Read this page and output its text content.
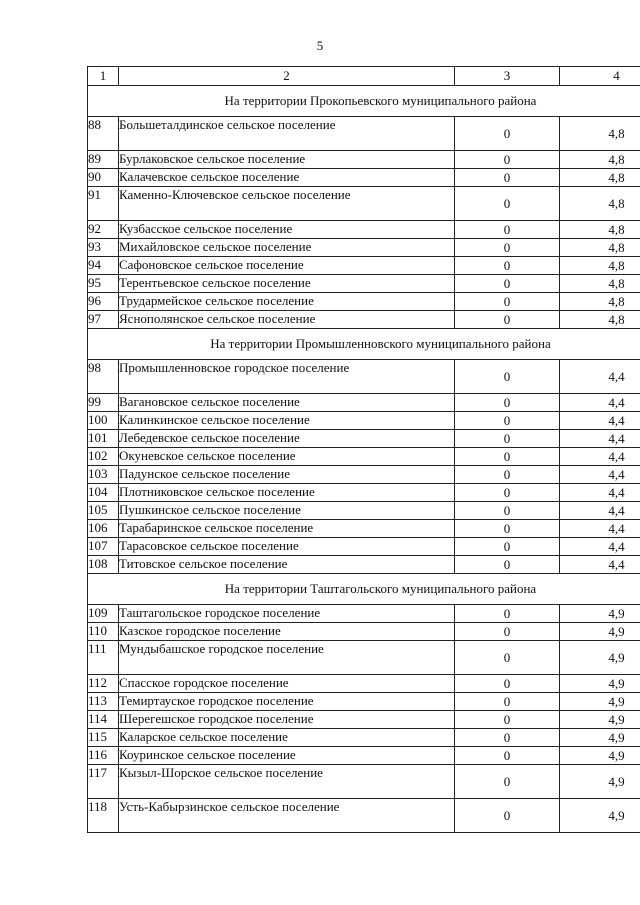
5
1	2	3	4
На территории Прокопьевского муниципального района			
88	Большеталдинское сельское поселение	0	4,8
89	Бурлаковское сельское поселение	0	4,8
90	Калачевское сельское поселение	0	4,8
91	Каменно-Ключевское сельское поселение	0	4,8
92	Кузбасское сельское поселение	0	4,8
93	Михайловское сельское поселение	0	4,8
94	Сафоновское сельское поселение	0	4,8
95	Терентьевское сельское поселение	0	4,8
96	Трудармейское сельское поселение	0	4,8
97	Яснополянское сельское поселение	0	4,8
На территории Промышленновского муниципального района			
98	Промышленновское городское поселение	0	4,4
99	Вагановское сельское поселение	0	4,4
100	Калинкинское сельское поселение	0	4,4
101	Лебедевское сельское поселение	0	4,4
102	Окуневское сельское поселение	0	4,4
103	Падунское сельское поселение	0	4,4
104	Плотниковское сельское поселение	0	4,4
105	Пушкинское сельское поселение	0	4,4
106	Тарабаринское сельское поселение	0	4,4
107	Тарасовское сельское поселение	0	4,4
108	Титовское сельское поселение	0	4,4
На территории Таштагольского муниципального района			
109	Таштагольское городское поселение	0	4,9
110	Казское городское поселение	0	4,9
111	Мундыбашское городское поселение	0	4,9
112	Спасское городское поселение	0	4,9
113	Темиртауское городское поселение	0	4,9
114	Шерегешское городское поселение	0	4,9
115	Каларское сельское поселение	0	4,9
116	Коуринское сельское поселение	0	4,9
117	Кызыл-Шорское сельское поселение	0	4,9
118	Усть-Кабырзинское сельское поселение	0	4,9
